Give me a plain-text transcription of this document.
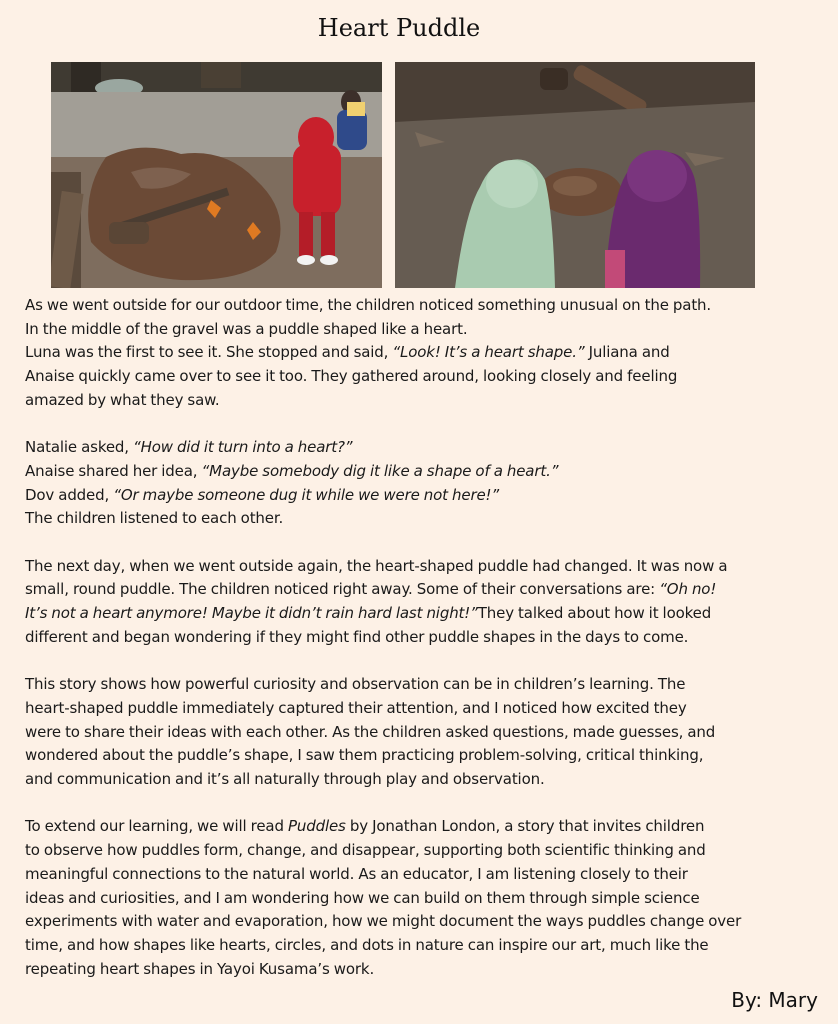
Heart Puddle

As we went outside for our outdoor time, the children noticed something unusual on the path.
In the middle of the gravel was a puddle shaped like a heart.
Luna was the first to see it. She stopped and said, “Look! It’s a heart shape.” Juliana and
Anaise quickly came over to see it too. They gathered around, looking closely and feeling
amazed by what they saw.

Natalie asked, “How did it turn into a heart?”
Anaise shared her idea, “Maybe somebody dig it like a shape of a heart.”
Dov added, “Or maybe someone dug it while we were not here!”
The children listened to each other.

The next day, when we went outside again, the heart-shaped puddle had changed. It was now a
small, round puddle. The children noticed right away. Some of their conversations are: “Oh no!
It’s not a heart anymore! Maybe it didn’t rain hard last night!”They talked about how it looked
different and began wondering if they might find other puddle shapes in the days to come.

This story shows how powerful curiosity and observation can be in children’s learning. The
heart-shaped puddle immediately captured their attention, and I noticed how excited they
were to share their ideas with each other. As the children asked questions, made guesses, and
wondered about the puddle’s shape, I saw them practicing problem-solving, critical thinking,
and communication and it’s all naturally through play and observation.

To extend our learning, we will read Puddles by Jonathan London, a story that invites children
to observe how puddles form, change, and disappear, supporting both scientific thinking and
meaningful connections to the natural world. As an educator, I am listening closely to their
ideas and curiosities, and I am wondering how we can build on them through simple science
experiments with water and evaporation, how we might document the ways puddles change over
time, and how shapes like hearts, circles, and dots in nature can inspire our art, much like the
repeating heart shapes in Yayoi Kusama’s work.

By: Mary
